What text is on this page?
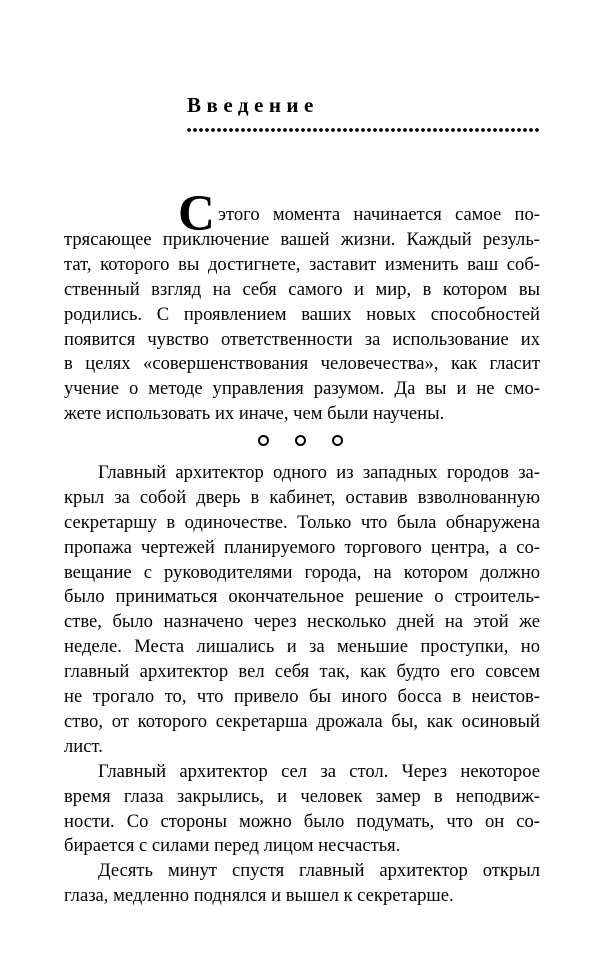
Введение
С этого момента начинается самое по-
трясающее приключение вашей жизни. Каждый резуль-
тат, которого вы достигнете, заставит изменить ваш соб-
ственный взгляд на себя самого и мир, в котором вы
родились. С проявлением ваших новых способностей
появится чувство ответственности за использование их
в целях «совершенствования человечества», как гласит
учение о методе управления разумом. Да вы и не смо-
жете использовать их иначе, чем были научены.
Главный архитектор одного из западных городов за-
крыл за собой дверь в кабинет, оставив взволнованную
секретаршу в одиночестве. Только что была обнаружена
пропажа чертежей планируемого торгового центра, а со-
вещание с руководителями города, на котором должно
было приниматься окончательное решение о строитель-
стве, было назначено через несколько дней на этой же
неделе. Места лишались и за меньшие проступки, но
главный архитектор вел себя так, как будто его совсем
не трогало то, что привело бы иного босса в неистов-
ство, от которого секретарша дрожала бы, как осиновый
лист.
Главный архитектор сел за стол. Через некоторое
время глаза закрылись, и человек замер в неподвиж-
ности. Со стороны можно было подумать, что он со-
бирается с силами перед лицом несчастья.
Десять минут спустя главный архитектор открыл
глаза, медленно поднялся и вышел к секретарше.
